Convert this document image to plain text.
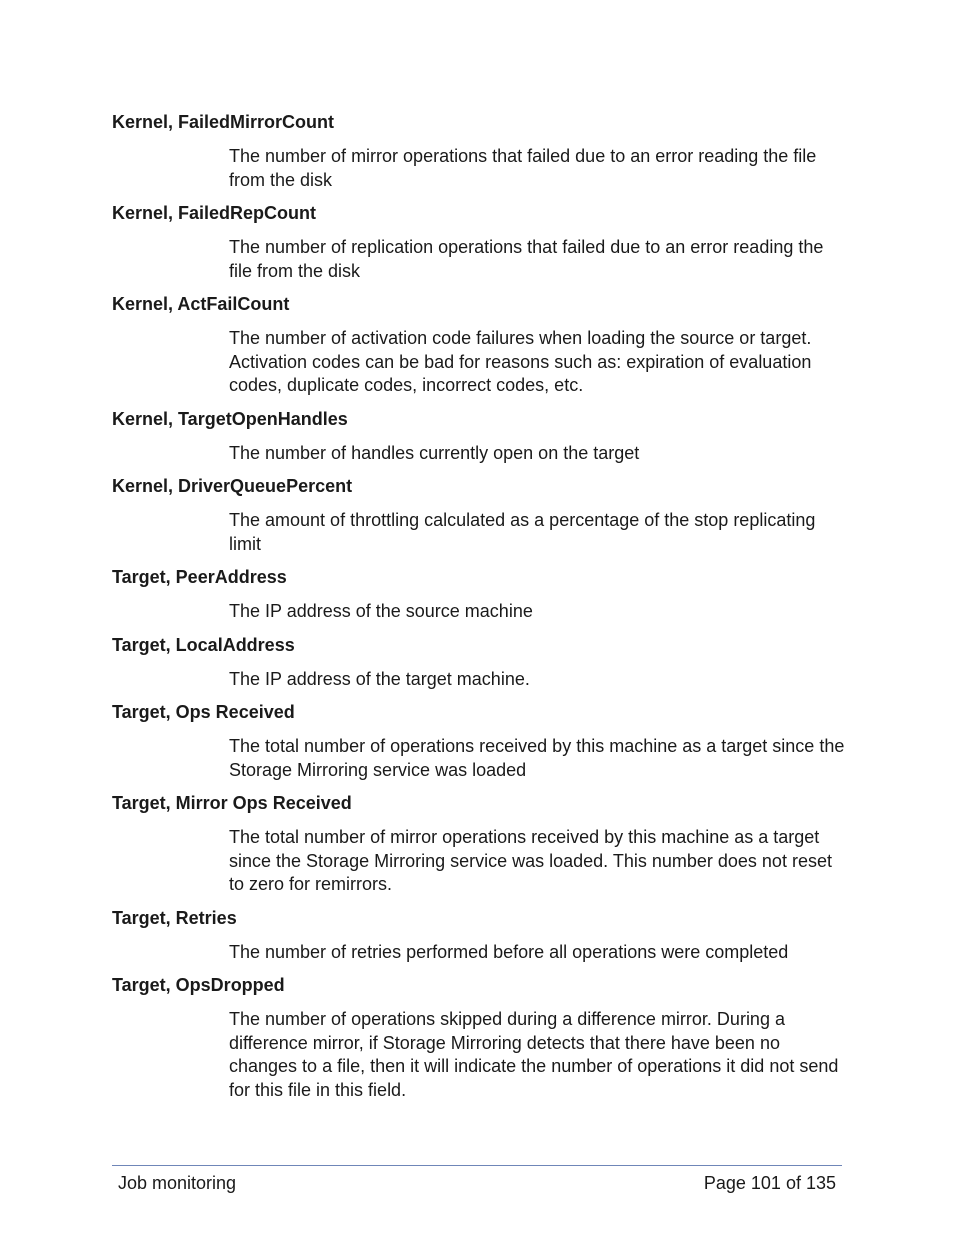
Kernel, FailedMirrorCount

The number of mirror operations that failed due to an error reading the file from the disk

Kernel, FailedRepCount

The number of replication operations that failed due to an error reading the file from the disk

Kernel, ActFailCount

The number of activation code failures when loading the source or target. Activation codes can be bad for reasons such as: expiration of evaluation codes, duplicate codes, incorrect codes, etc.

Kernel, TargetOpenHandles

The number of handles currently open on the target

Kernel, DriverQueuePercent

The amount of throttling calculated as a percentage of the stop replicating limit

Target, PeerAddress

The IP address of the source machine

Target, LocalAddress

The IP address of the target machine.

Target, Ops Received

The total number of operations received by this machine as a target since the Storage Mirroring service was loaded

Target, Mirror Ops Received

The total number of mirror operations received by this machine as a target since the Storage Mirroring service was loaded. This number does not reset to zero for remirrors.

Target, Retries

The number of retries performed before all operations were completed

Target, OpsDropped

The number of operations skipped during a difference mirror. During a difference mirror, if Storage Mirroring detects that there have been no changes to a file, then it will indicate the number of operations it did not send for this file in this field.

Job monitoring	Page 101 of 135
